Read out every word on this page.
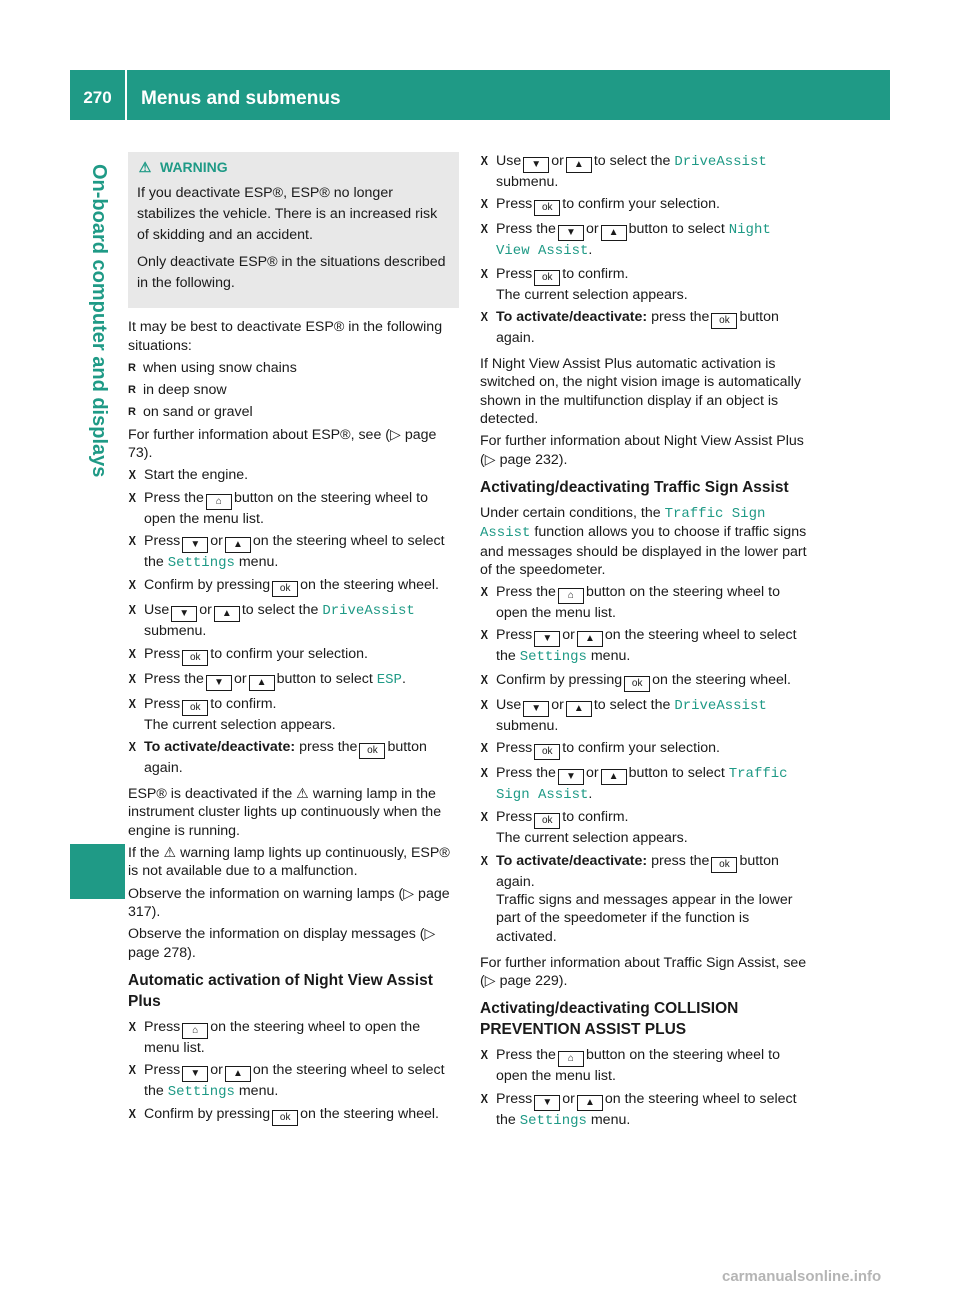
270	Menus and submenus
On-board computer and displays ⚠ WARNING

If you deactivate ESP®, ESP® no longer stabilizes the vehicle. There is an increased risk of skidding and an accident.

Only deactivate ESP® in the situations described in the following.

It may be best to deactivate ESP® in the following situations:

R when using snow chains
R in deep snow
R on sand or gravel

For further information about ESP®, see (▷ page 73).

X Start the engine.
X Press the ⌂ button on the steering wheel to open the menu list.
X Press ▼ or ▲ on the steering wheel to select the Settings menu.
X Confirm by pressing ok on the steering wheel.
X Use ▼ or ▲ to select the DriveAssist submenu.
X Press ok to confirm your selection.
X Press the ▼ or ▲ button to select ESP.
X Press ok to confirm.
The current selection appears.
X To activate/deactivate: press the ok button again.

ESP® is deactivated if the ⚠ warning lamp in the instrument cluster lights up continuously when the engine is running.

If the ⚠ warning lamp lights up continuously, ESP® is not available due to a malfunction.

Observe the information on warning lamps (▷ page 317).

Observe the information on display messages (▷ page 278).

Automatic activation of Night View Assist Plus
X Press ⌂ on the steering wheel to open the menu list.
X Press ▼ or ▲ on the steering wheel to select the Settings menu.
X Confirm by pressing ok on the steering wheel.
X Use ▼ or ▲ to select the DriveAssist submenu.
X Press ok to confirm your selection.
X Press the ▼ or ▲ button to select Night View Assist.
X Press ok to confirm.
The current selection appears.
X To activate/deactivate: press the ok button again.

If Night View Assist Plus automatic activation is switched on, the night vision image is automatically shown in the multifunction display if an object is detected.

For further information about Night View Assist Plus (▷ page 232).

Activating/deactivating Traffic Sign Assist

Under certain conditions, the Traffic Sign Assist function allows you to choose if traffic signs and messages should be displayed in the lower part of the speedometer.

X Press the ⌂ button on the steering wheel to open the menu list.
X Press ▼ or ▲ on the steering wheel to select the Settings menu.
X Confirm by pressing ok on the steering wheel.
X Use ▼ or ▲ to select the DriveAssist submenu.
X Press ok to confirm your selection.
X Press the ▼ or ▲ button to select Traffic Sign Assist.
X Press ok to confirm.
The current selection appears.
X To activate/deactivate: press the ok button again.
Traffic signs and messages appear in the lower part of the speedometer if the function is activated.

For further information about Traffic Sign Assist, see (▷ page 229).

Activating/deactivating COLLISION PREVENTION ASSIST PLUS
X Press the ⌂ button on the steering wheel to open the menu list.
X Press ▼ or ▲ on the steering wheel to select the Settings menu.
carmanualsonline.info
